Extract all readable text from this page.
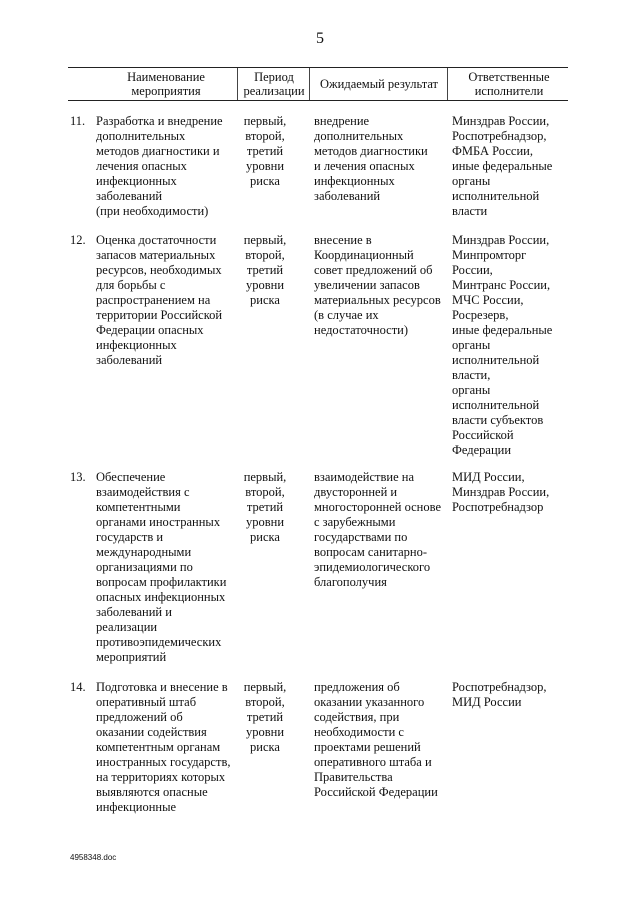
5
Наименование
мероприятия
Период
реализации	Ожидаемый результат	Ответственные
исполнители
11. Разработка и внедрение
дополнительных
методов диагностики и
лечения опасных
инфекционных
заболеваний
(при необходимости)
первый,
второй,
третий
уровни
риска
внедрение
дополнительных
методов диагностики
и лечения опасных
инфекционных
заболеваний
Минздрав России,
Роспотребнадзор,
ФМБА России,
иные федеральные
органы
исполнительной
власти
12. Оценка достаточности
запасов материальных
ресурсов, необходимых
для борьбы с
распространением на
территории Российской
Федерации опасных
инфекционных
заболеваний
первый,
второй,
третий
уровни
риска
внесение в
Координационный
совет предложений об
увеличении запасов
материальных ресурсов
(в случае их
недостаточности)
Минздрав России,
Минпромторг
России,
Минтранс России,
МЧС России,
Росрезерв,
иные федеральные
органы
исполнительной
власти,
органы
исполнительной
власти субъектов
Российской
Федерации
13. Обеспечение
взаимодействия с
компетентными
органами иностранных
государств и
международными
организациями по
вопросам профилактики
опасных инфекционных
заболеваний и
реализации
противоэпидемических
мероприятий
первый,
второй,
третий
уровни
риска
взаимодействие на
двусторонней и
многосторонней основе
с зарубежными
государствами по
вопросам санитарно-
эпидемиологического
благополучия
МИД России,
Минздрав России,
Роспотребнадзор
14. Подготовка и внесение в
оперативный штаб
предложений об
оказании содействия
компетентным органам
иностранных государств,
на территориях которых
выявляются опасные
инфекционные
первый,
второй,
третий
уровни
риска
предложения об
оказании указанного
содействия, при
необходимости с
проектами решений
оперативного штаба и
Правительства
Российской Федерации
Роспотребнадзор,
МИД России
4958348.doc
